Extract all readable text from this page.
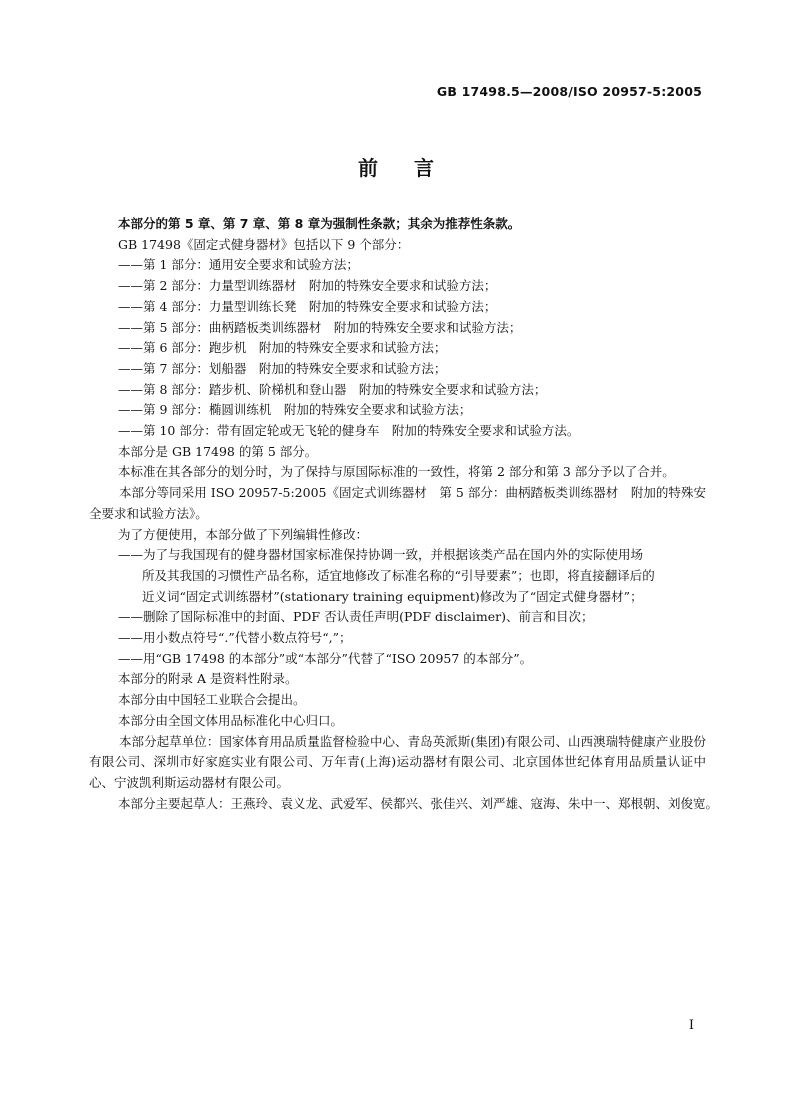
GB 17498.5—2008/ISO 20957-5:2005
前言

本部分的第 5 章、第 7 章、第 8 章为强制性条款；其余为推荐性条款。

GB 17498《固定式健身器材》包括以下 9 个部分：

——第 1 部分：通用安全要求和试验方法；

——第 2 部分：力量型训练器材　附加的特殊安全要求和试验方法；

——第 4 部分：力量型训练长凳　附加的特殊安全要求和试验方法；

——第 5 部分：曲柄踏板类训练器材　附加的特殊安全要求和试验方法；

——第 6 部分：跑步机　附加的特殊安全要求和试验方法；

——第 7 部分：划船器　附加的特殊安全要求和试验方法；

——第 8 部分：踏步机、阶梯机和登山器　附加的特殊安全要求和试验方法；

——第 9 部分：椭圆训练机　附加的特殊安全要求和试验方法；

——第 10 部分：带有固定轮或无飞轮的健身车　附加的特殊安全要求和试验方法。

本部分是 GB 17498 的第 5 部分。

本标准在其各部分的划分时，为了保持与原国际标准的一致性，将第 2 部分和第 3 部分予以了合并。

本部分等同采用 ISO 20957-5:2005《固定式训练器材　第 5 部分：曲柄踏板类训练器材　附加的特殊安全要求和试验方法》。

为了方便使用，本部分做了下列编辑性修改：

——为了与我国现有的健身器材国家标准保持协调一致，并根据该类产品在国内外的实际使用场
所及其我国的习惯性产品名称，适宜地修改了标准名称的“引导要素”；也即，将直接翻译后的
近义词“固定式训练器材”(stationary training equipment)修改为了“固定式健身器材”；

——删除了国际标准中的封面、PDF 否认责任声明(PDF disclaimer)、前言和目次；

——用小数点符号“.”代替小数点符号“,”；

——用“GB 17498 的本部分”或“本部分”代替了“ISO 20957 的本部分”。

本部分的附录 A 是资料性附录。

本部分由中国轻工业联合会提出。

本部分由全国文体用品标准化中心归口。

本部分起草单位：国家体育用品质量监督检验中心、青岛英派斯(集团)有限公司、山西澳瑞特健康产业股份有限公司、深圳市好家庭实业有限公司、万年青(上海)运动器材有限公司、北京国体世纪体育用品质量认证中心、宁波凯利斯运动器材有限公司。

本部分主要起草人：王燕玲、袁义龙、武爱军、侯都兴、张佳兴、刘严雄、寇海、朱中一、郑根朝、刘俊宽。

I
